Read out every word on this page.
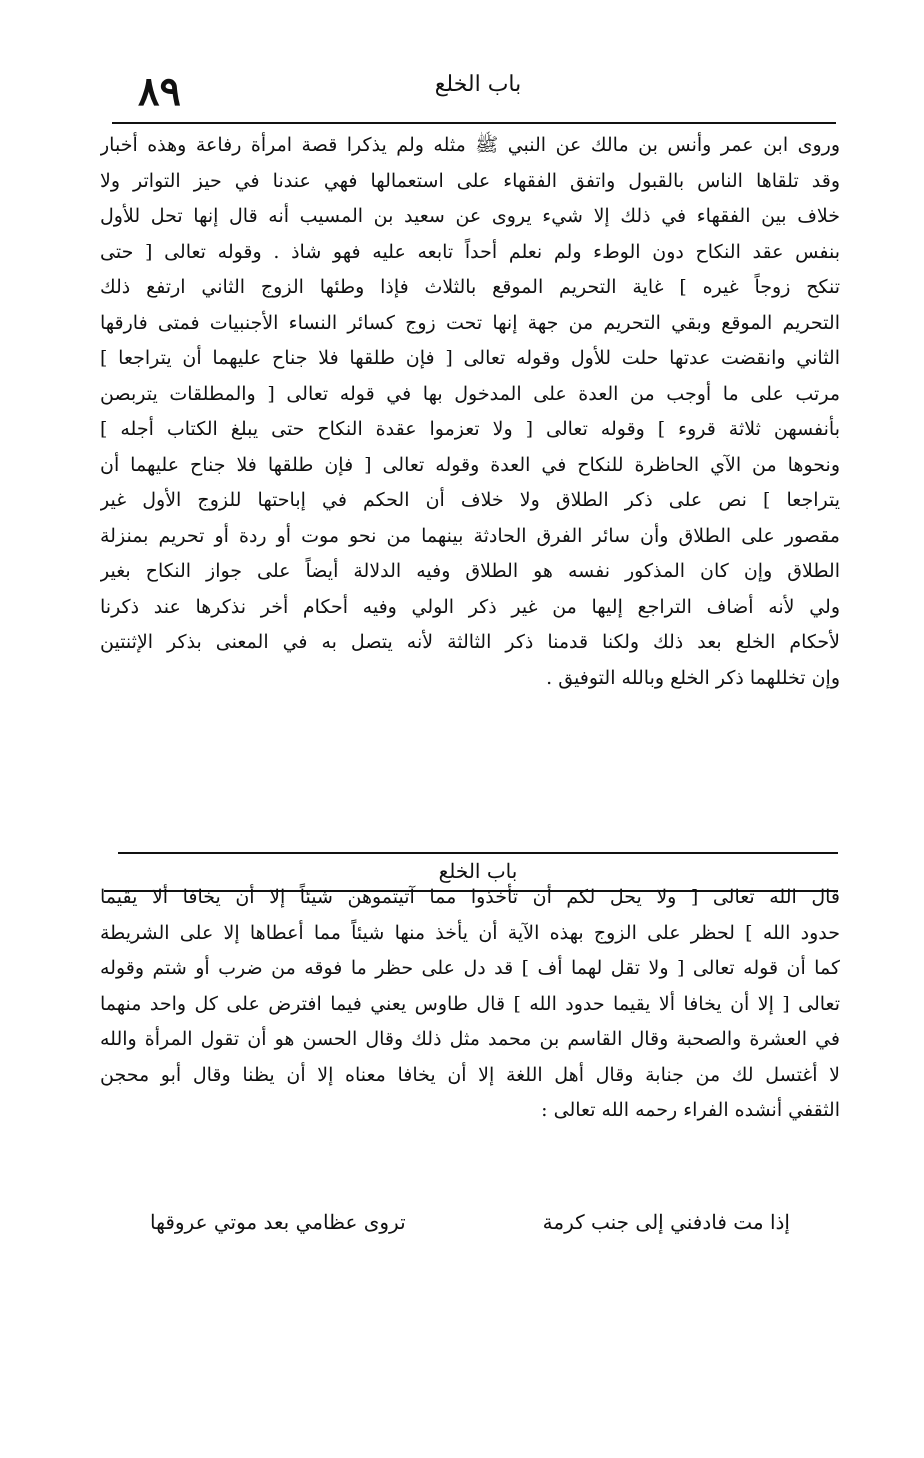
٨٩	باب الخلع
وروى ابن عمر وأنس بن مالك عن النبي ﷺ مثله ولم يذكرا قصة امرأة رفاعة وهذه أخبار
وقد تلقاها الناس بالقبول واتفق الفقهاء على استعمالها فهي عندنا في حيز التواتر ولا
خلاف بين الفقهاء في ذلك إلا شيء يروى عن سعيد بن المسيب أنه قال إنها تحل للأول
بنفس عقد النكاح دون الوطء ولم نعلم أحداً تابعه عليه فهو شاذ . وقوله تعالى [ حتى
تنكح زوجاً غيره ] غاية التحريم الموقع بالثلاث فإذا وطئها الزوج الثاني ارتفع ذلك
التحريم الموقع وبقي التحريم من جهة إنها تحت زوج كسائر النساء الأجنبيات فمتى فارقها
الثاني وانقضت عدتها حلت للأول وقوله تعالى [ فإن طلقها فلا جناح عليهما أن يتراجعا ]
مرتب على ما أوجب من العدة على المدخول بها في قوله تعالى [ والمطلقات يتربصن
بأنفسهن ثلاثة قروء ] وقوله تعالى [ ولا تعزموا عقدة النكاح حتى يبلغ الكتاب أجله ]
ونحوها من الآي الحاظرة للنكاح في العدة وقوله تعالى [ فإن طلقها فلا جناح عليهما أن
يتراجعا ] نص على ذكر الطلاق ولا خلاف أن الحكم في إباحتها للزوج الأول غير
مقصور على الطلاق وأن سائر الفرق الحادثة بينهما من نحو موت أو ردة أو تحريم بمنزلة
الطلاق وإن كان المذكور نفسه هو الطلاق وفيه الدلالة أيضاً على جواز النكاح بغير
ولي لأنه أضاف التراجع إليها من غير ذكر الولي وفيه أحكام أخر نذكرها عند ذكرنا
لأحكام الخلع بعد ذلك ولكنا قدمنا ذكر الثالثة لأنه يتصل به في المعنى بذكر الإثنتين
وإن تخللهما ذكر الخلع وبالله التوفيق .
باب الخلع
قال الله تعالى [ ولا يحل لكم أن تأخذوا مما آتيتموهن شيئاً إلا أن يخافا ألا يقيما
حدود الله ] لحظر على الزوج بهذه الآية أن يأخذ منها شيئاً مما أعطاها إلا على الشريطة
كما أن قوله تعالى [ ولا تقل لهما أف ] قد دل على حظر ما فوقه من ضرب أو شتم وقوله
تعالى [ إلا أن يخافا ألا يقيما حدود الله ] قال طاوس يعني فيما افترض على كل واحد منهما
في العشرة والصحبة وقال القاسم بن محمد مثل ذلك وقال الحسن هو أن تقول المرأة والله
لا أغتسل لك من جنابة وقال أهل اللغة إلا أن يخافا معناه إلا أن يظنا وقال أبو محجن
الثقفي أنشده الفراء رحمه الله تعالى :
إذا مت فادفني إلى جنب كرمة
تروى عظامي بعد موتي عروقها
